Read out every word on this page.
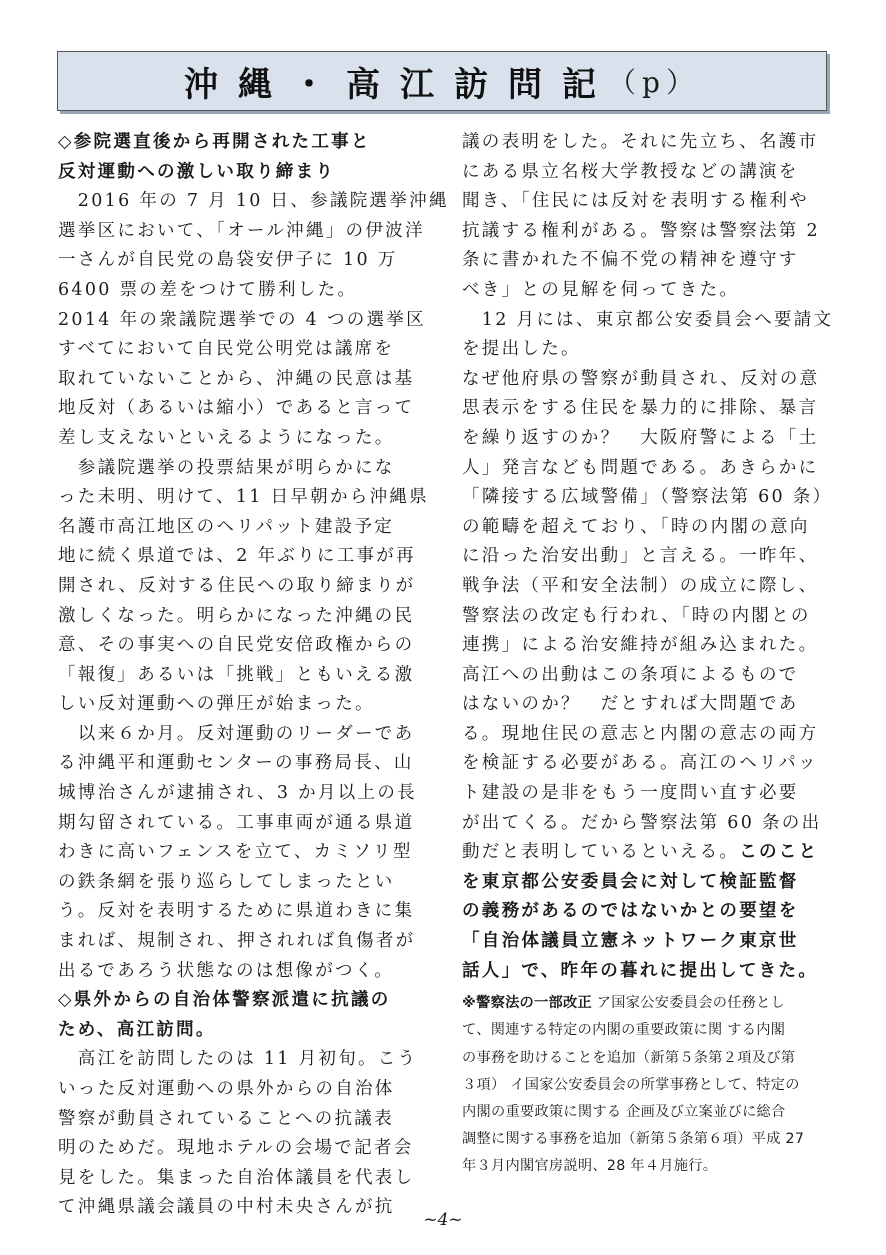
沖縄・高江訪問記
（p）
◇参院選直後から再開された工事と
反対運動への激しい取り締まり
　2016 年の 7 月 10 日、参議院選挙沖縄
選挙区において、「オール沖縄」の伊波洋
一さんが自民党の島袋安伊子に 10 万
6400 票の差をつけて勝利した。
2014 年の衆議院選挙での 4 つの選挙区
すべてにおいて自民党公明党は議席を
取れていないことから、沖縄の民意は基
地反対（あるいは縮小）であると言って
差し支えないといえるようになった。
　参議院選挙の投票結果が明らかにな
った未明、明けて、11 日早朝から沖縄県
名護市高江地区のヘリパット建設予定
地に続く県道では、2 年ぶりに工事が再
開され、反対する住民への取り締まりが
激しくなった。明らかになった沖縄の民
意、その事実への自民党安倍政権からの
「報復」あるいは「挑戦」ともいえる激
しい反対運動への弾圧が始まった。
　以来６か月。反対運動のリーダーであ
る沖縄平和運動センターの事務局長、山
城博治さんが逮捕され、3 か月以上の長
期勾留されている。工事車両が通る県道
わきに高いフェンスを立て、カミソリ型
の鉄条網を張り巡らしてしまったとい
う。反対を表明するために県道わきに集
まれば、規制され、押されれば負傷者が
出るであろう状態なのは想像がつく。
◇県外からの自治体警察派遣に抗議の
ため、高江訪問。
　高江を訪問したのは 11 月初旬。こう
いった反対運動への県外からの自治体
警察が動員されていることへの抗議表
明のためだ。現地ホテルの会場で記者会
見をした。集まった自治体議員を代表し
て沖縄県議会議員の中村未央さんが抗
議の表明をした。それに先立ち、名護市
にある県立名桜大学教授などの講演を
聞き、「住民には反対を表明する権利や
抗議する権利がある。警察は警察法第 2
条に書かれた不偏不党の精神を遵守す
べき」との見解を伺ってきた。
　12 月には、東京都公安委員会へ要請文
を提出した。
なぜ他府県の警察が動員され、反対の意
思表示をする住民を暴力的に排除、暴言
を繰り返すのか？　大阪府警による「土
人」発言なども問題である。あきらかに
「隣接する広域警備」（警察法第 60 条）
の範疇を超えており、「時の内閣の意向
に沿った治安出動」と言える。一昨年、
戦争法（平和安全法制）の成立に際し、
警察法の改定も行われ、「時の内閣との
連携」による治安維持が組み込まれた。
高江への出動はこの条項によるもので
はないのか？　だとすれば大問題であ
る。現地住民の意志と内閣の意志の両方
を検証する必要がある。高江のヘリパッ
ト建設の是非をもう一度問い直す必要
が出てくる。だから警察法第 60 条の出
動だと表明しているといえる。このこと
を東京都公安委員会に対して検証監督
の義務があるのではないかとの要望を
「自治体議員立憲ネットワーク東京世
話人」で、昨年の暮れに提出してきた。
※警察法の一部改正 ア国家公安委員会の任務とし
て、関連する特定の内閣の重要政策に関 する内閣
の事務を助けることを追加（新第５条第２項及び第
３項） イ国家公安委員会の所掌事務として、特定の
内閣の重要政策に関する 企画及び立案並びに総合
調整に関する事務を追加（新第５条第６項）平成 27
年３月内閣官房説明、28 年４月施行。
~4~
